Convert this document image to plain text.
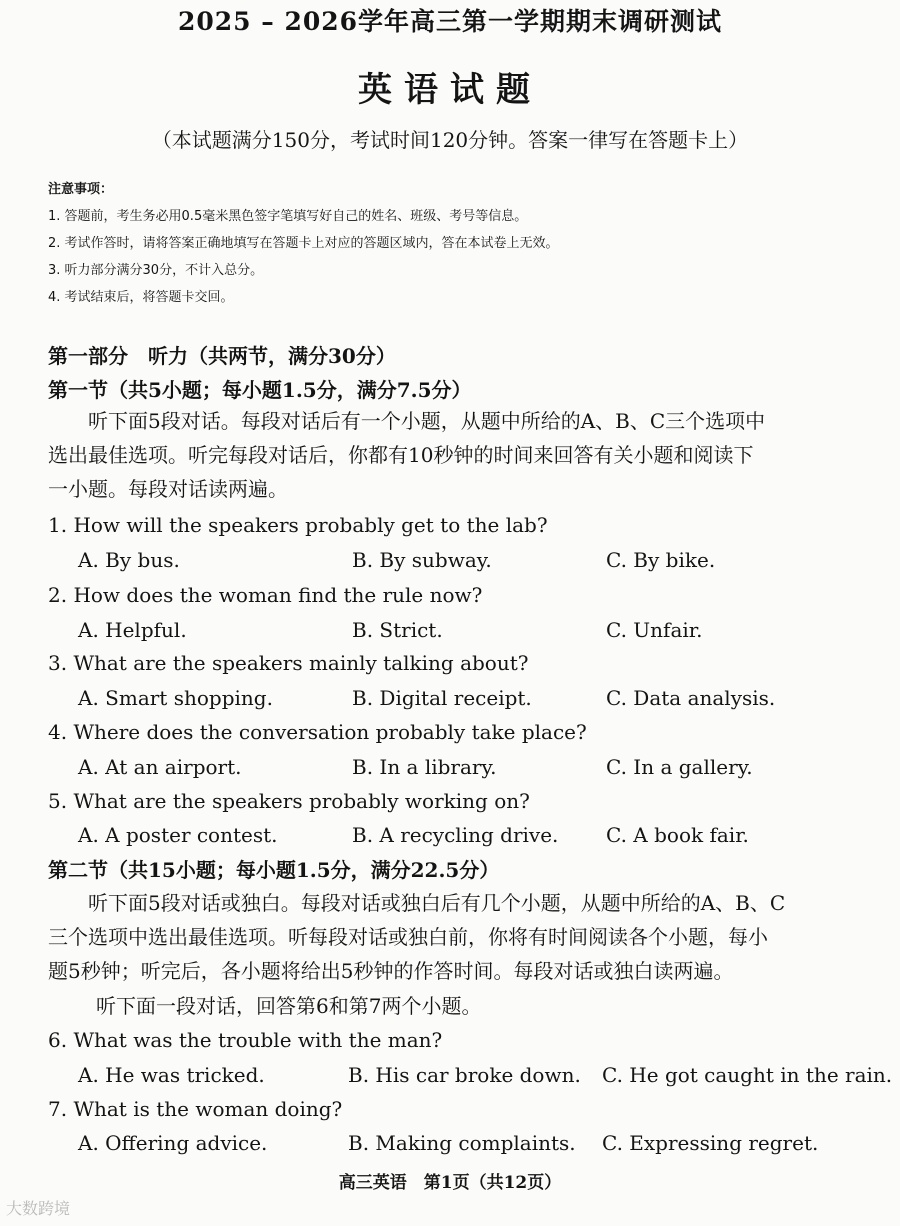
2025 – 2026学年高三第一学期期末调研测试
英语试题
（本试题满分150分，考试时间120分钟。答案一律写在答题卡上）
注意事项：
1. 答题前，考生务必用0.5毫米黑色签字笔填写好自己的姓名、班级、考号等信息。
2. 考试作答时，请将答案正确地填写在答题卡上对应的答题区域内，答在本试卷上无效。
3. 听力部分满分30分，不计入总分。
4. 考试结束后，将答题卡交回。
第一部分　听力（共两节，满分30分）
第一节（共5小题；每小题1.5分，满分7.5分）
听下面5段对话。每段对话后有一个小题，从题中所给的A、B、C三个选项中
选出最佳选项。听完每段对话后，你都有10秒钟的时间来回答有关小题和阅读下
一小题。每段对话读两遍。
1. How will the speakers probably get to the lab?
A. By bus.	B. By subway.	C. By bike.
2. How does the woman find the rule now?
A. Helpful.	B. Strict.	C. Unfair.
3. What are the speakers mainly talking about?
A. Smart shopping.	B. Digital receipt.	C. Data analysis.
4. Where does the conversation probably take place?
A. At an airport.	B. In a library.	C. In a gallery.
5. What are the speakers probably working on?
A. A poster contest.	B. A recycling drive. C. A book fair.
第二节（共15小题；每小题1.5分，满分22.5分）
听下面5段对话或独白。每段对话或独白后有几个小题，从题中所给的A、B、C
三个选项中选出最佳选项。听每段对话或独白前，你将有时间阅读各个小题，每小
题5秒钟；听完后，各小题将给出5秒钟的作答时间。每段对话或独白读两遍。
听下面一段对话，回答第6和第7两个小题。
6. What was the trouble with the man?
A. He was tricked.	B. His car broke down. C. He got caught in the rain.
7. What is the woman doing?
A. Offering advice.	B. Making complaints. C. Expressing regret.
高三英语　第1页（共12页）
大数跨境
